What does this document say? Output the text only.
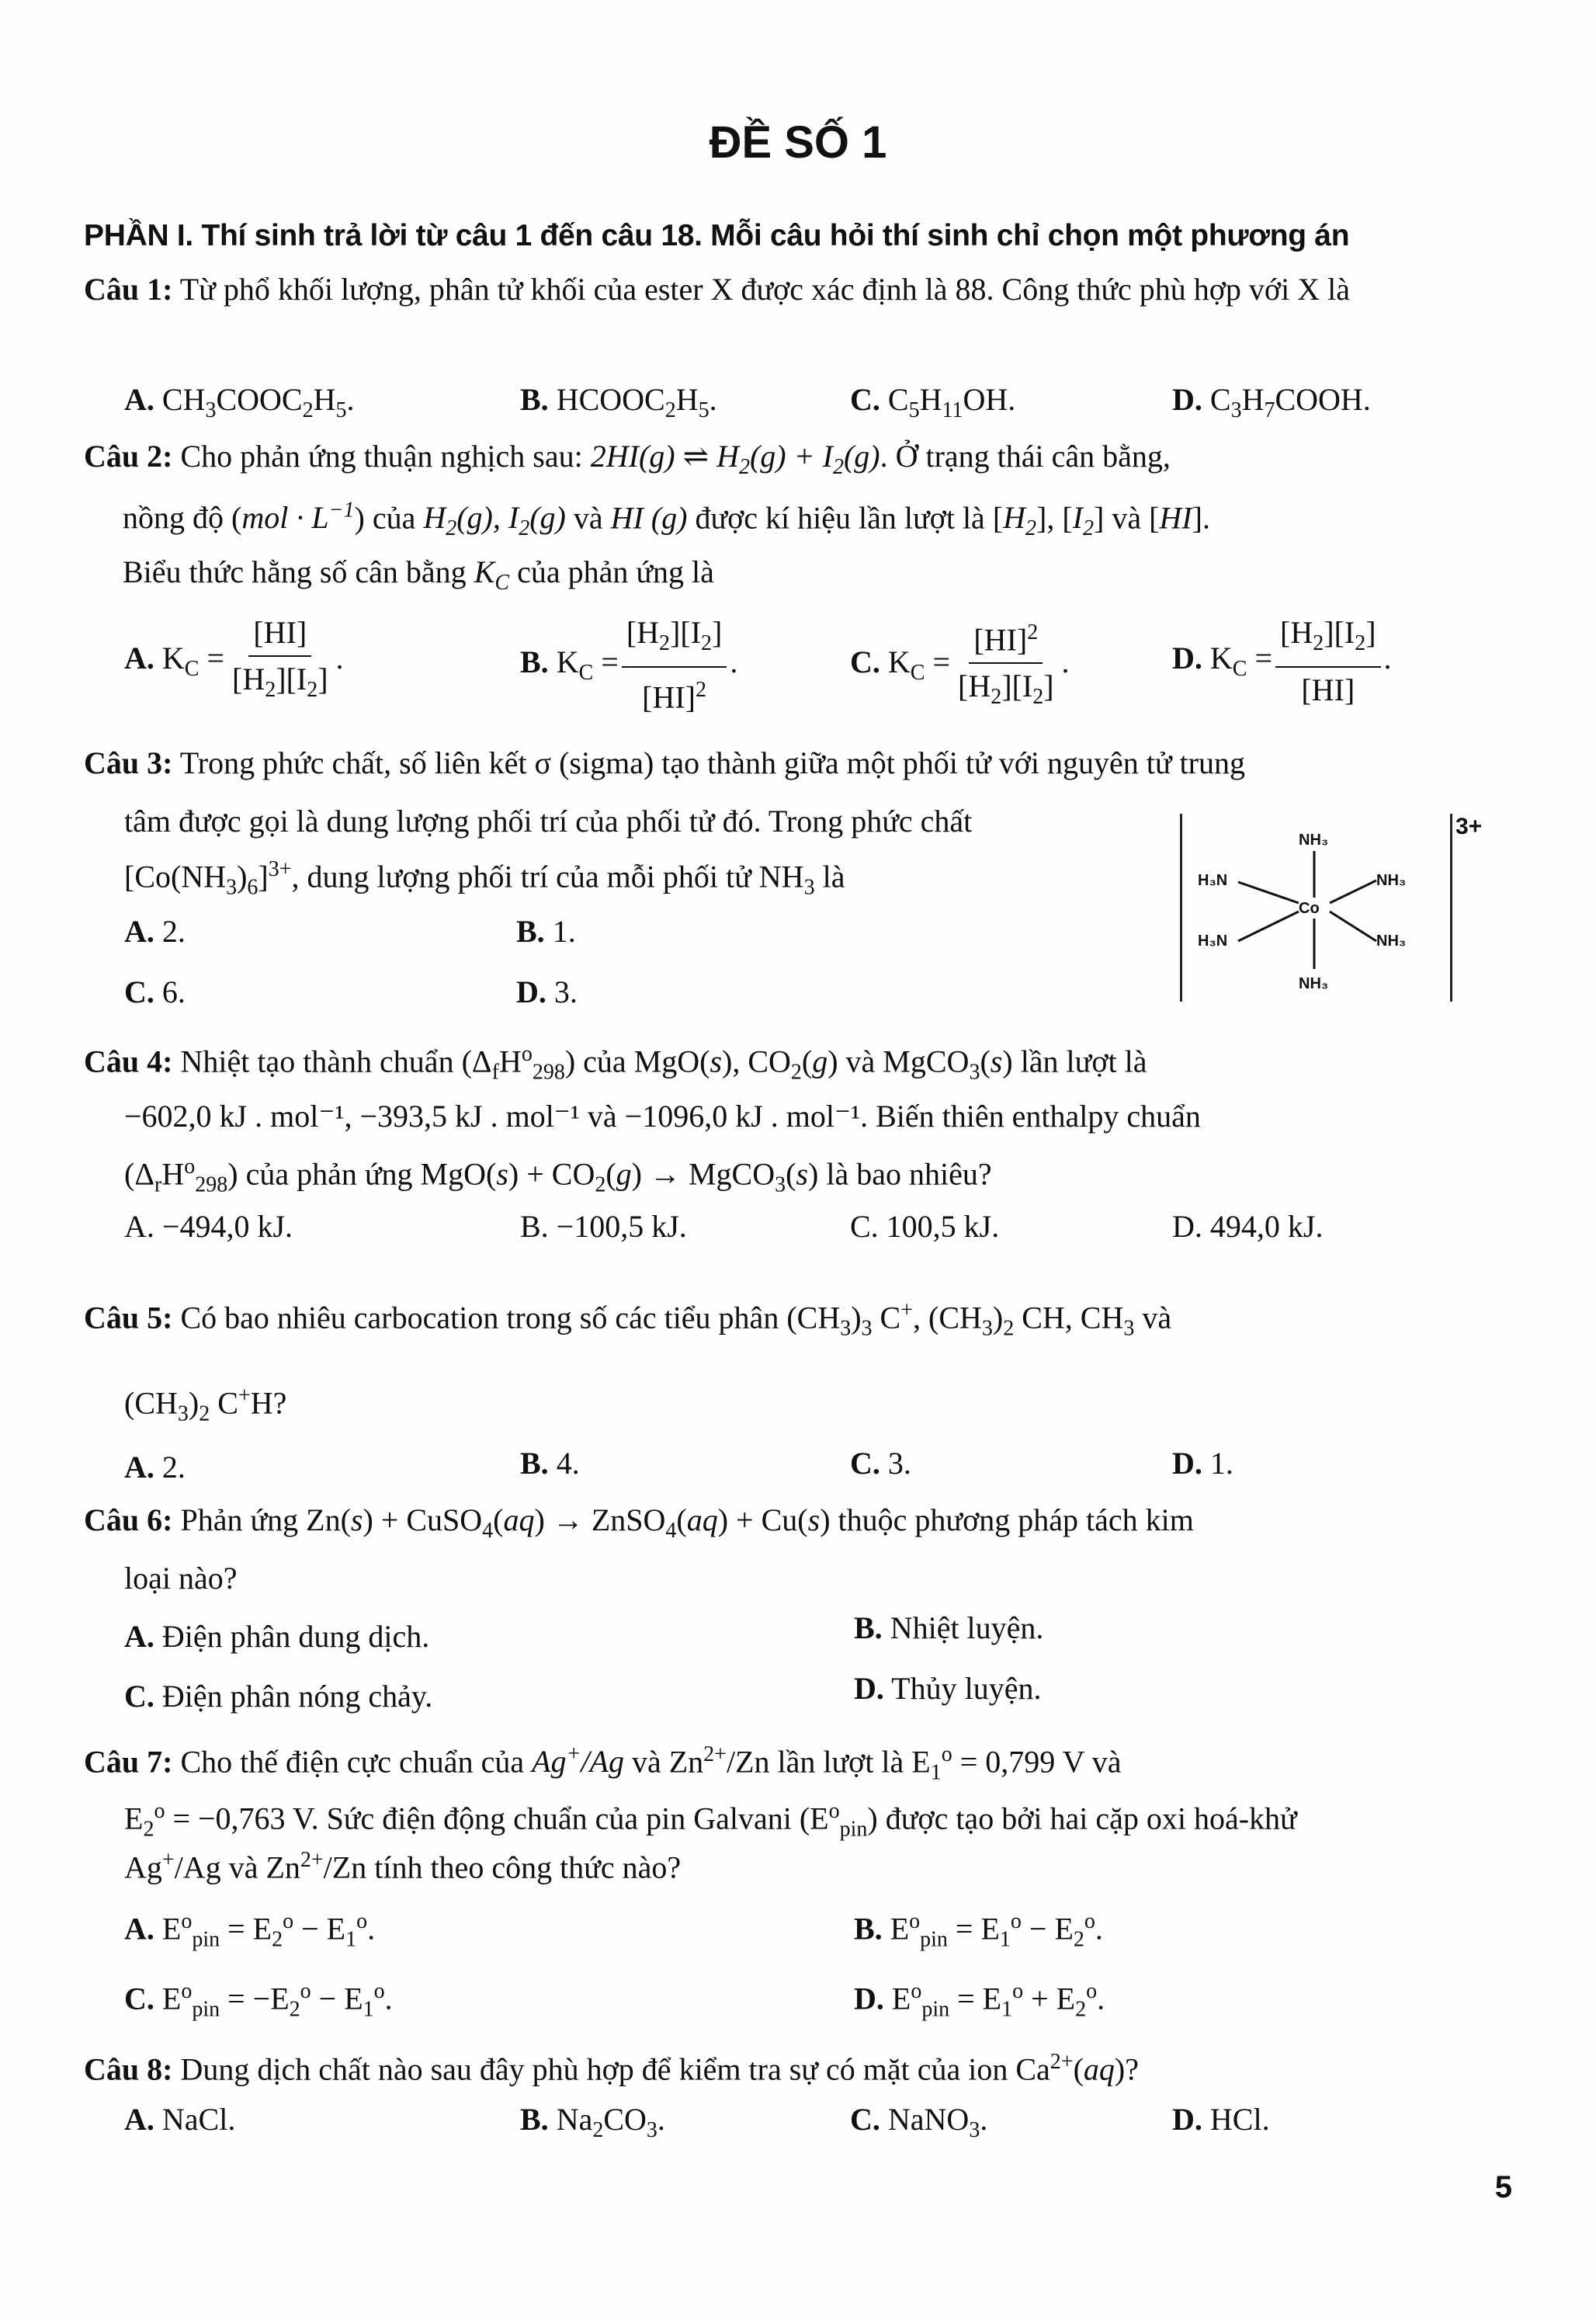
ĐỀ SỐ 1
PHẦN I. Thí sinh trả lời từ câu 1 đến câu 18. Mỗi câu hỏi thí sinh chỉ chọn một phương án
Câu 1: Từ phổ khối lượng, phân tử khối của ester X được xác định là 88. Công thức phù hợp với X là
A. $CH_3COOC_2H_5$.	B. $HCOOC_2H_5$.	C. $C_5H_{11}OH$.	D. $C_3H_7COOH$.
Câu 2: Cho phản ứng thuận nghịch sau: 2HI(g) ⇌ $H_2(g) + I_2(g)$. Ở trạng thái cân bằng,
nồng độ $(mol \cdot L^{-1})$ của $H_2(g)$, $I_2(g)$ và HI (g) được kí hiệu lần lượt là $[H_2]$, $[I_2]$ và [HI].
Biểu thức hằng số cân bằng $K_C$ của phản ứng là
A. $K_C = \frac{[HI]}{[H_2][I_2]}$ .	B. $K_C = \frac{[H_2][I_2]}{[HI]^2}$ .	C. $K_C = \frac{[HI]^2}{[H_2][I_2]}$ .	D. $K_C = \frac{[H_2][I_2]}{[HI]}$ .
Câu 3: Trong phức chất, số liên kết σ (sigma) tạo thành giữa một phối tử với nguyên tử trung
tâm được gọi là dung lượng phối trí của phối tử đó. Trong phức chất
$[Co(NH_3)_6]^{3+}$, dung lượng phối trí của mỗi phối tử $NH_3$ là
A. 2.	B. 1.
C. 6.	D. 3.
NH₃
H₃N	NH₃
Co
H₃N	NH₃
NH₃
3+
Câu 4: Nhiệt tạo thành chuẩn $(\Delta_fH^o_{298})$ của MgO(s), $CO_2(g)$ và MgCO$_3$(s) lần lượt là
−602,0 kJ . mol⁻¹, −393,5 kJ . mol⁻¹ và −1096,0 kJ . mol⁻¹. Biến thiên enthalpy chuẩn
$(\Delta_rH^o_{298})$ của phản ứng $MgO(s) + CO_2(g)$ → MgCO$_3$(s) là bao nhiêu?
A. −494,0 kJ.	B. −100,5 kJ.	C. 100,5 kJ.	D. 494,0 kJ.
Câu 5: Có bao nhiêu carbocation trong số các tiểu phân $(CH_3)_3$ C+, $(CH_3)_2$ CH, $CH_3$ và
$(CH_3)_2$ C+H?
A. 2.	B. 4.	C. 3.	D. 1.
Câu 6: Phản ứng Zn(s) + CuSO$_4$(aq) → ZnSO$_4$(aq) + Cu(s) thuộc phương pháp tách kim
loại nào?
A. Điện phân dung dịch.	B. Nhiệt luyện.
C. Điện phân nóng chảy.	D. Thủy luyện.
Câu 7: Cho thế điện cực chuẩn của Ag+/Ag và $Zn^{2+}/Zn$ lần lượt là $E_1^o = 0,799$ V và
$E_2^o = -0,763$ V. Sức điện động chuẩn của pin Galvani $(E^o_{pin})$ được tạo bởi hai cặp oxi hoá-khử
Ag+/Ag và $Zn^{2+}/Zn$ tính theo công thức nào?
A. $E^o_{pin} = E_2^o - E_1^o$.	B. $E^o_{pin} = E_1^o - E_2^o$.
C. $E^o_{pin} = -E_2^o - E_1^o$.	D. $E^o_{pin} = E_1^o + E_2^o$.
Câu 8: Dung dịch chất nào sau đây phù hợp để kiểm tra sự có mặt của ion $Ca^{2+}(aq)$?
A. NaCl.	B. $Na_2CO_3$.	C. NaNO$_3$.	D. HCl.
5
